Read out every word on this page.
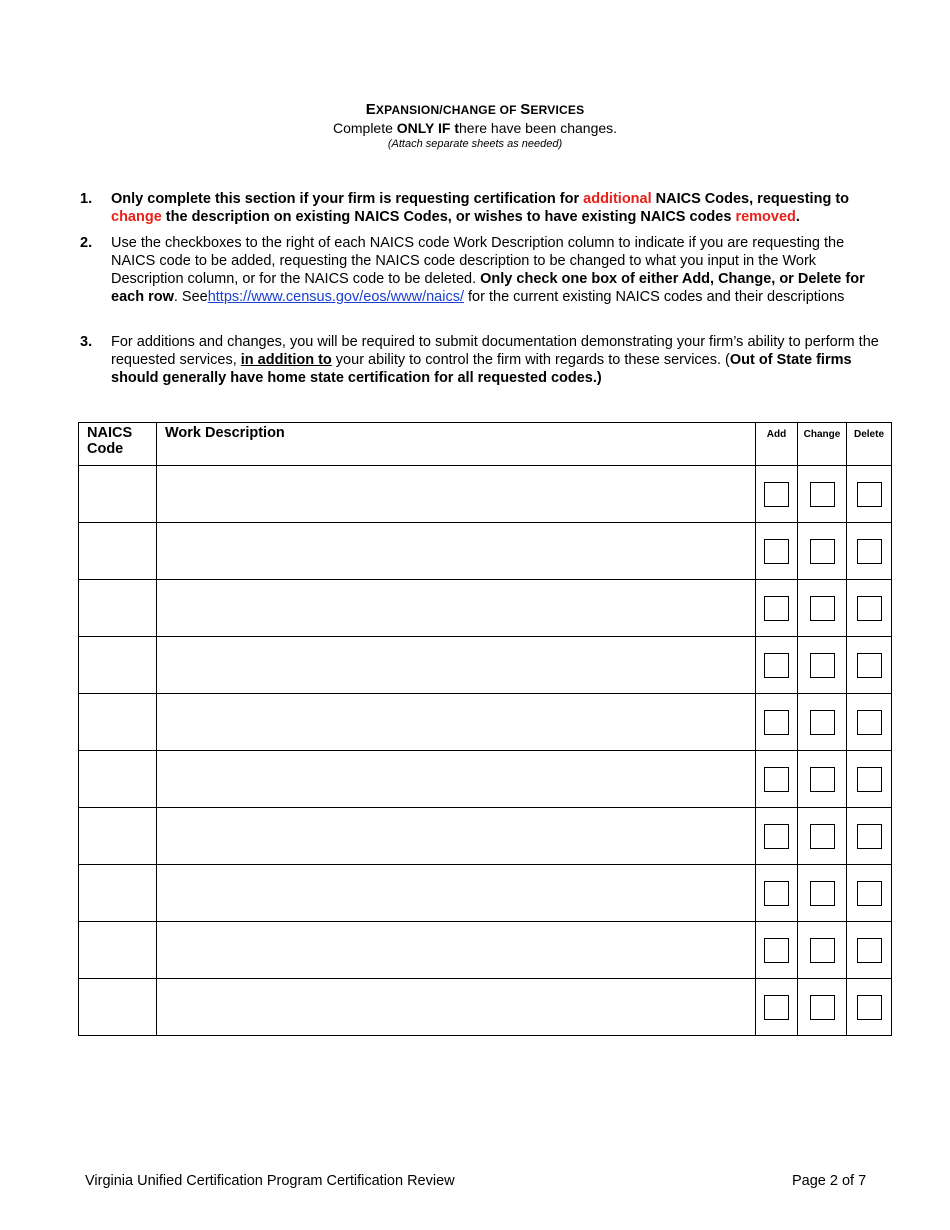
EXPANSION/CHANGE OF SERVICES
Complete ONLY IF there have been changes.
(Attach separate sheets as needed)
1.	Only complete this section if your firm is requesting certification for additional NAICS Codes, requesting to change the description on existing NAICS Codes, or wishes to have existing NAICS codes removed.
2.	Use the checkboxes to the right of each NAICS code Work Description column to indicate if you are requesting the NAICS code to be added, requesting the NAICS code description to be changed to what you input in the Work Description column, or for the NAICS code to be deleted. Only check one box of either Add, Change, or Delete for each row. Seehttps://www.census.gov/eos/www/naics/ for the current existing NAICS codes and their descriptions
3.	For additions and changes, you will be required to submit documentation demonstrating your firm’s ability to perform the requested services, in addition to your ability to control the firm with regards to these services. (Out of State firms should generally have home state certification for all requested codes.)
NAICS
Code	Work Description	Add	Change	Delete

Virginia Unified Certification Program Certification Review	Page 2 of 7
